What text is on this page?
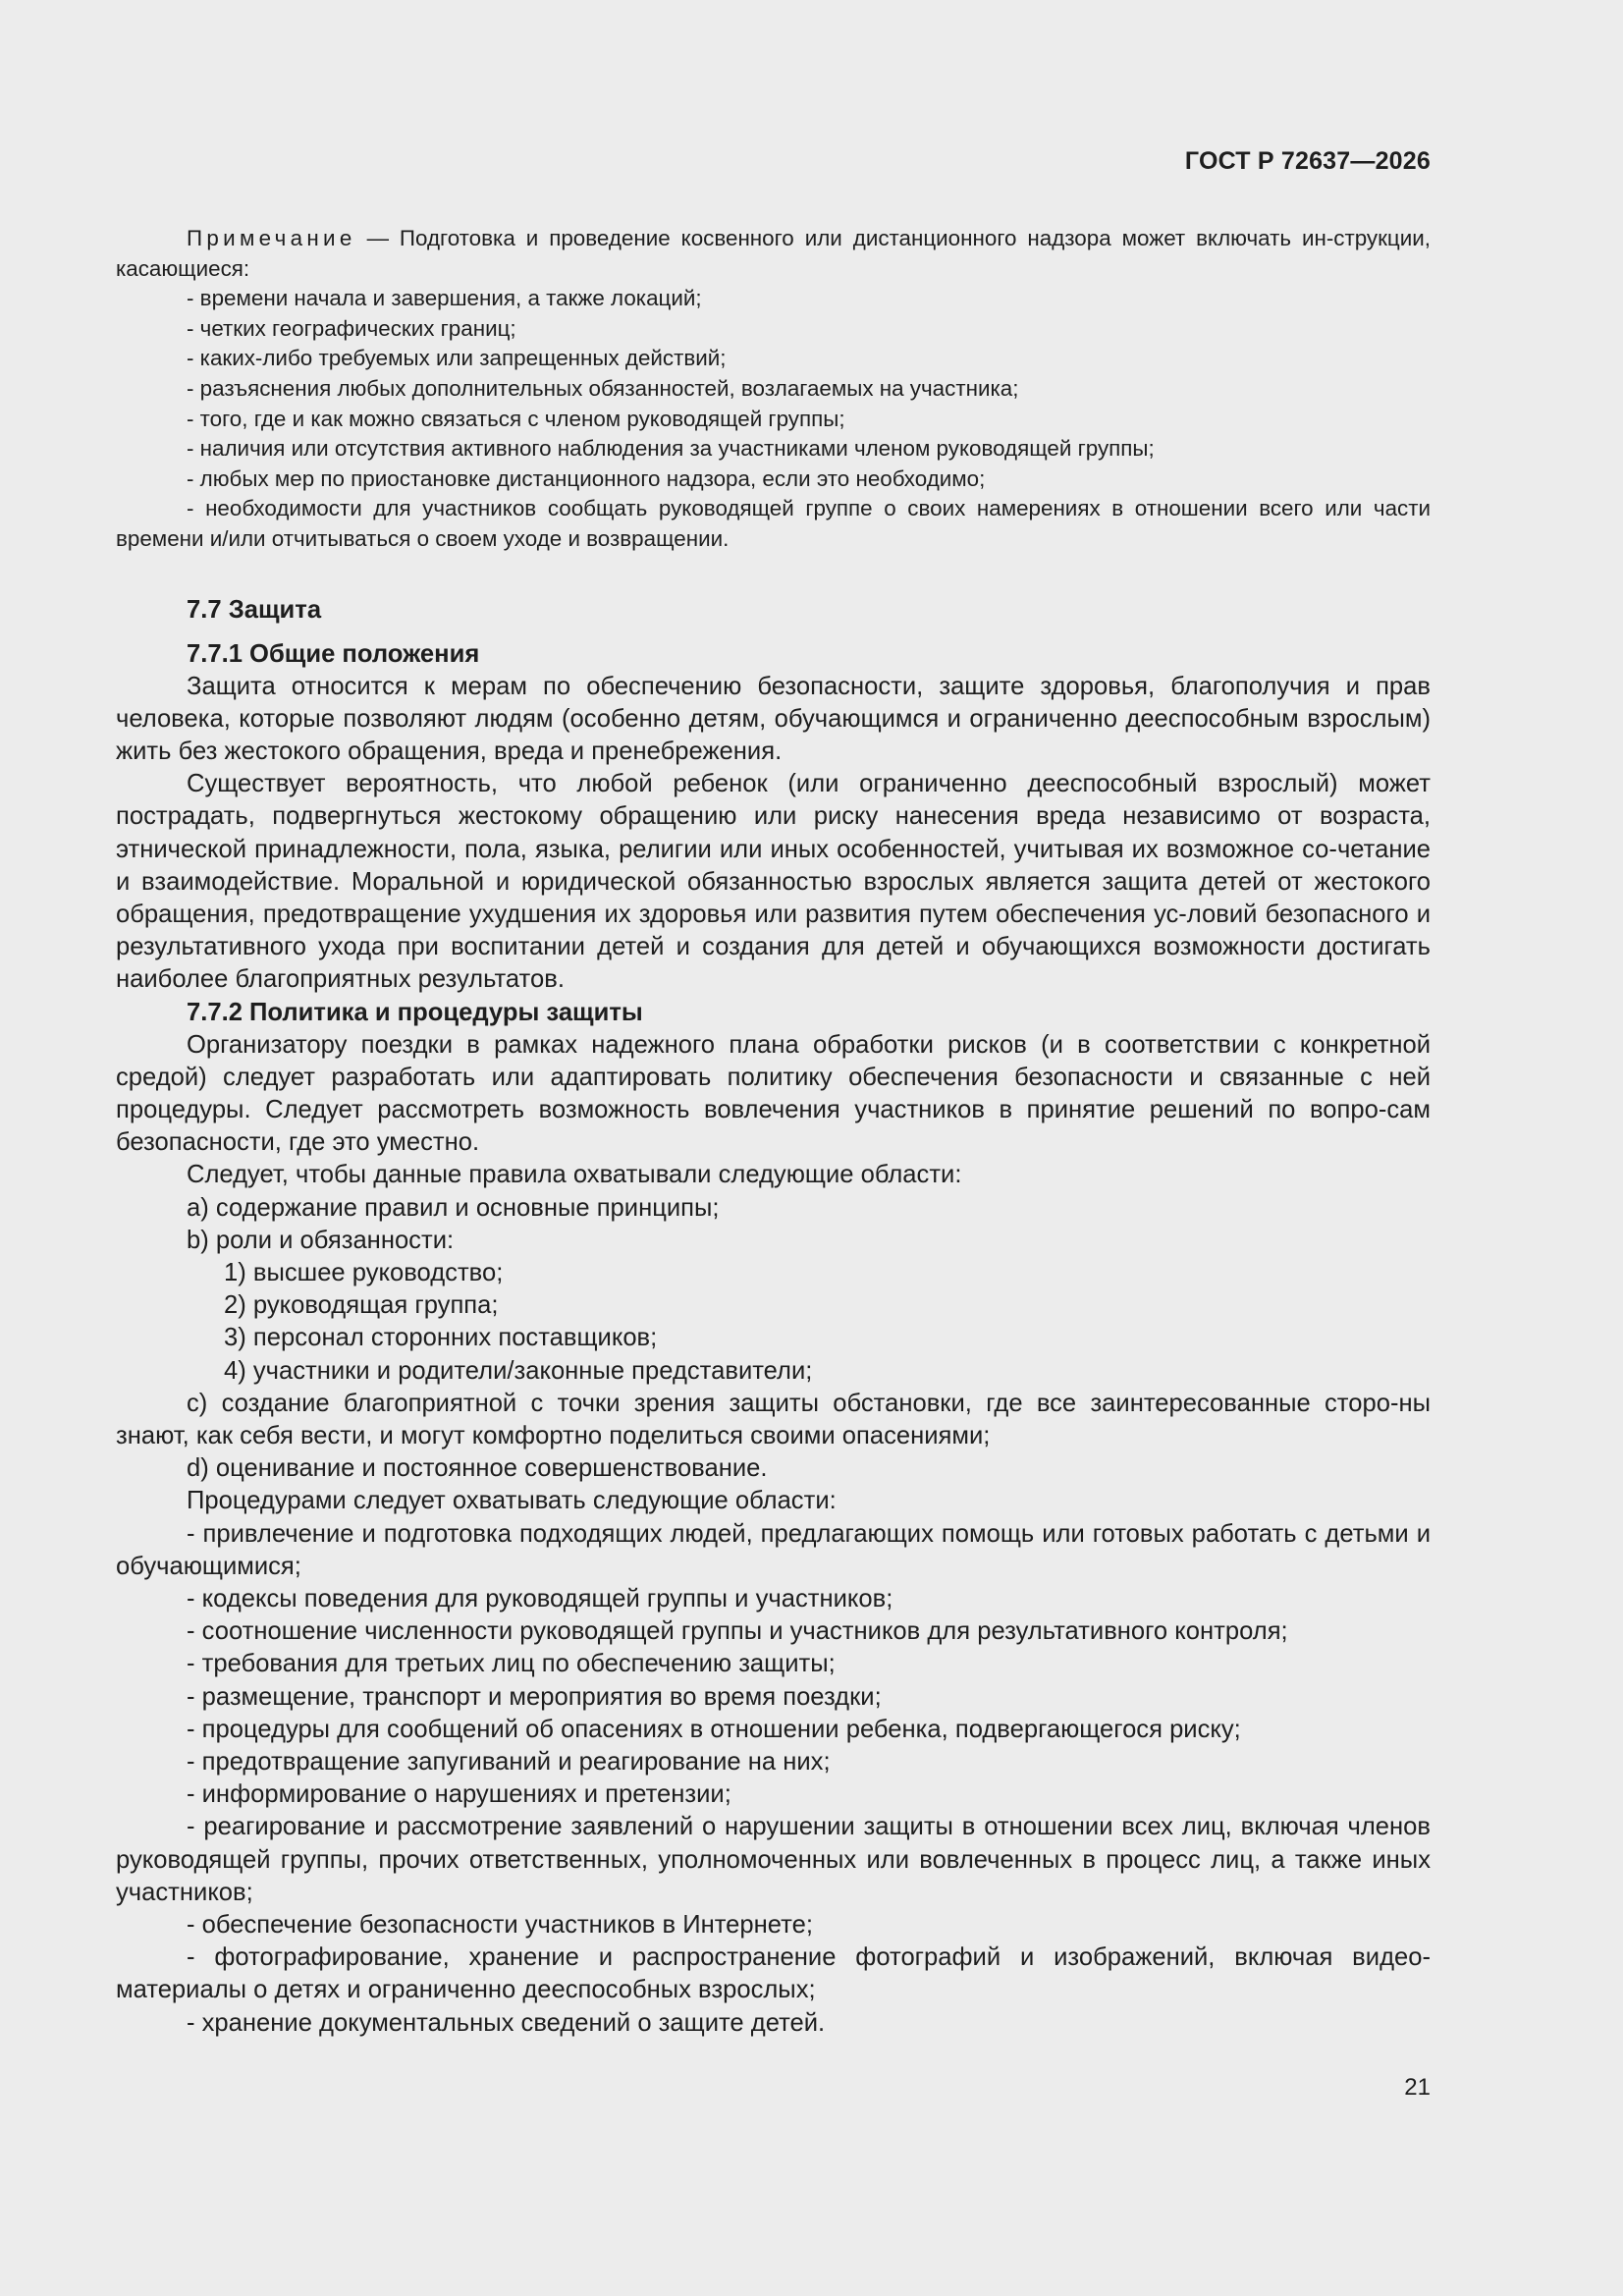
ГОСТ Р 72637—2026

Примечание — Подготовка и проведение косвенного или дистанционного надзора может включать ин-струкции, касающиеся:

- времени начала и завершения, а также локаций;

- четких географических границ;

- каких-либо требуемых или запрещенных действий;

- разъяснения любых дополнительных обязанностей, возлагаемых на участника;

- того, где и как можно связаться с членом руководящей группы;

- наличия или отсутствия активного наблюдения за участниками членом руководящей группы;

- любых мер по приостановке дистанционного надзора, если это необходимо;

- необходимости для участников сообщать руководящей группе о своих намерениях в отношении всего или части времени и/или отчитываться о своем уходе и возвращении.

7.7 Защита
7.7.1 Общие положения

Защита относится к мерам по обеспечению безопасности, защите здоровья, благополучия и прав человека, которые позволяют людям (особенно детям, обучающимся и ограниченно дееспособным взрослым) жить без жестокого обращения, вреда и пренебрежения.

Существует вероятность, что любой ребенок (или ограниченно дееспособный взрослый) может пострадать, подвергнуться жестокому обращению или риску нанесения вреда независимо от возраста, этнической принадлежности, пола, языка, религии или иных особенностей, учитывая их возможное со-четание и взаимодействие. Моральной и юридической обязанностью взрослых является защита детей от жестокого обращения, предотвращение ухудшения их здоровья или развития путем обеспечения ус-ловий безопасного и результативного ухода при воспитании детей и создания для детей и обучающихся возможности достигать наиболее благоприятных результатов.

7.7.2 Политика и процедуры защиты

Организатору поездки в рамках надежного плана обработки рисков (и в соответствии с конкретной средой) следует разработать или адаптировать политику обеспечения безопасности и связанные с ней процедуры. Следует рассмотреть возможность вовлечения участников в принятие решений по вопро-сам безопасности, где это уместно.

Следует, чтобы данные правила охватывали следующие области:

a) содержание правил и основные принципы;

b) роли и обязанности:

1) высшее руководство;

2) руководящая группа;

3) персонал сторонних поставщиков;

4) участники и родители/законные представители;

c) создание благоприятной с точки зрения защиты обстановки, где все заинтересованные сторо-ны знают, как себя вести, и могут комфортно поделиться своими опасениями;

d) оценивание и постоянное совершенствование.

Процедурами следует охватывать следующие области:

- привлечение и подготовка подходящих людей, предлагающих помощь или готовых работать с детьми и обучающимися;

- кодексы поведения для руководящей группы и участников;

- соотношение численности руководящей группы и участников для результативного контроля;

- требования для третьих лиц по обеспечению защиты;

- размещение, транспорт и мероприятия во время поездки;

- процедуры для сообщений об опасениях в отношении ребенка, подвергающегося риску;

- предотвращение запугиваний и реагирование на них;

- информирование о нарушениях и претензии;

- реагирование и рассмотрение заявлений о нарушении защиты в отношении всех лиц, включая членов руководящей группы, прочих ответственных, уполномоченных или вовлеченных в процесс лиц, а также иных участников;

- обеспечение безопасности участников в Интернете;

- фотографирование, хранение и распространение фотографий и изображений, включая видео-материалы о детях и ограниченно дееспособных взрослых;

- хранение документальных сведений о защите детей.

21
